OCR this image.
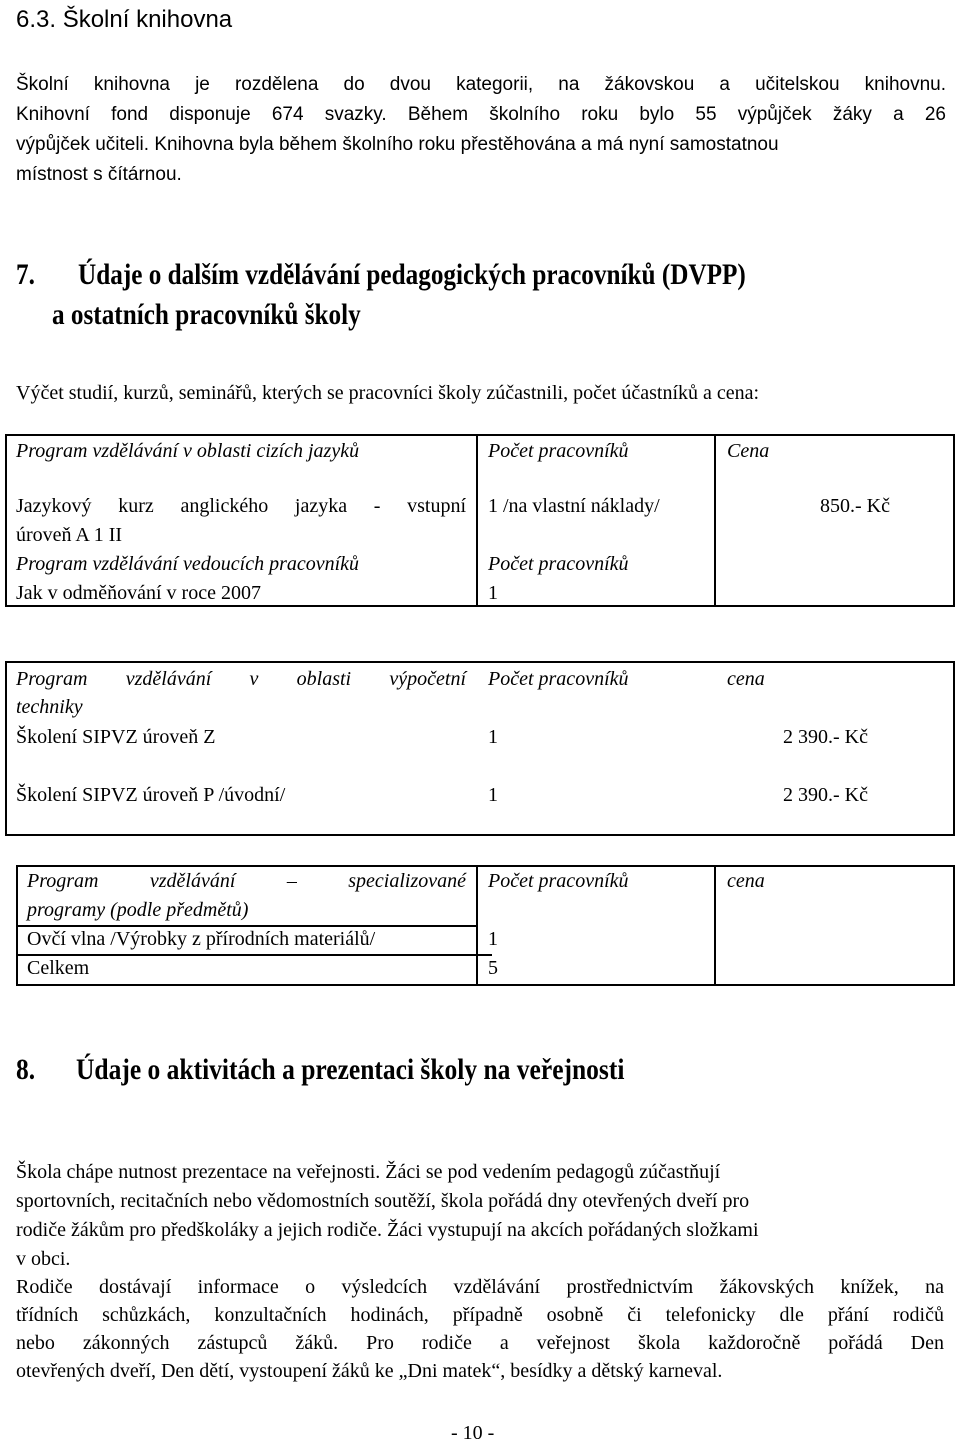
6.3. Školní knihovna
Školní knihovna je rozdělena do dvou kategorii, na žákovskou a učitelskou knihovnu.
Knihovní fond disponuje 674 svazky. Během školního roku bylo 55 výpůjček žáky a 26
výpůjček učiteli. Knihovna byla během školního roku přestěhována a má nyní samostatnou
místnost s čítárnou.
7. Údaje o dalším vzdělávání pedagogických pracovníků (DVPP)
a ostatních pracovníků školy
Výčet studií, kurzů, seminářů, kterých se pracovníci školy zúčastnili, počet účastníků a cena:
Program vzdělávání v oblasti cizích jazyků	Počet pracovníků	Cena
Jazykový kurz anglického jazyka - vstupní
úroveň A 1 II
1 /na vlastní náklady/	850.- Kč
Program vzdělávání vedoucích pracovníků	Počet pracovníků
Jak v odměňování v roce 2007	1
Program vzdělávání v oblasti výpočetní
techniky
Počet pracovníků	cena
Školení SIPVZ úroveň Z	1	2 390.- Kč
Školení SIPVZ úroveň P /úvodní/	1	2 390.- Kč
Program vzdělávání – specializované
programy (podle předmětů)
Počet pracovníků	cena
Ovčí vlna /Výrobky z přírodních materiálů/	1
Celkem	5
8. Údaje o aktivitách a prezentaci školy na veřejnosti
Škola chápe nutnost prezentace na veřejnosti. Žáci se pod vedením pedagogů zúčastňují
sportovních, recitačních nebo vědomostních soutěží, škola pořádá dny otevřených dveří pro
rodiče žákům pro předškoláky a jejich rodiče. Žáci vystupují na akcích pořádaných složkami
v obci.
Rodiče dostávají informace o výsledcích vzdělávání prostřednictvím žákovských knížek, na
třídních schůzkách, konzultačních hodinách, případně osobně či telefonicky dle přání rodičů
nebo zákonných zástupců žáků. Pro rodiče a veřejnost škola každoročně pořádá Den
otevřených dveří, Den dětí, vystoupení žáků ke „Dni matek“, besídky a dětský karneval.
- 10 -
